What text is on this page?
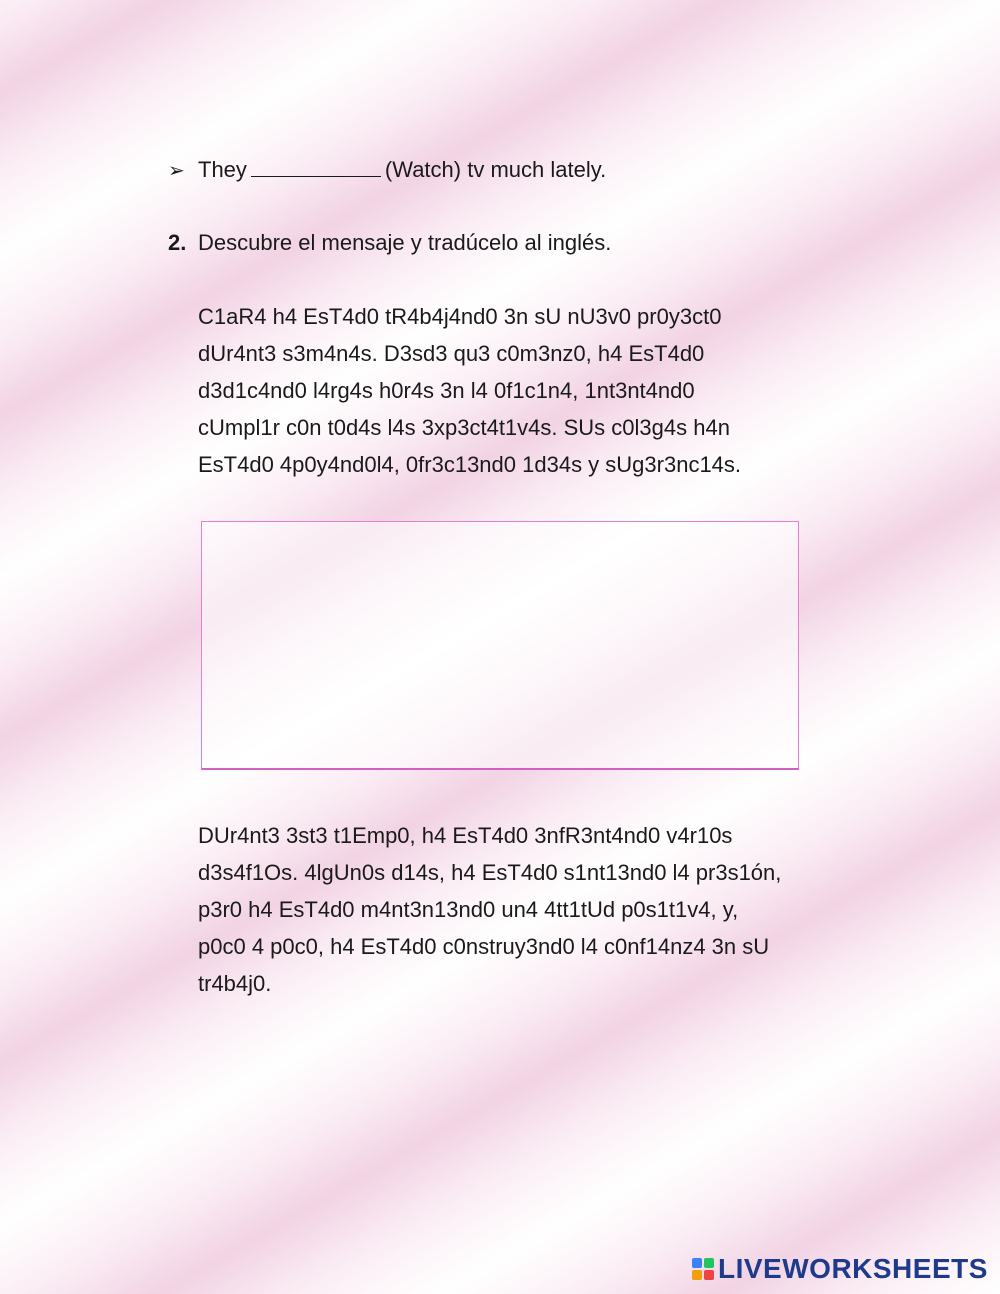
➢ They	(Watch) tv much lately.
2. Descubre el mensaje y tradúcelo al inglés.
C1aR4 h4 EsT4d0 tR4b4j4nd0 3n sU nU3v0 pr0y3ct0
dUr4nt3 s3m4n4s. D3sd3 qu3 c0m3nz0, h4 EsT4d0
d3d1c4nd0 l4rg4s h0r4s 3n l4 0f1c1n4, 1nt3nt4nd0
cUmpl1r c0n t0d4s l4s 3xp3ct4t1v4s. SUs c0l3g4s h4n
EsT4d0 4p0y4nd0l4, 0fr3c13nd0 1d34s y sUg3r3nc14s.
DUr4nt3 3st3 t1Emp0, h4 EsT4d0 3nfR3nt4nd0 v4r10s
d3s4f1Os. 4lgUn0s d14s, h4 EsT4d0 s1nt13nd0 l4 pr3s1ón,
p3r0 h4 EsT4d0 m4nt3n13nd0 un4 4tt1tUd p0s1t1v4, y,
p0c0 4 p0c0, h4 EsT4d0 c0nstruy3nd0 l4 c0nf14nz4 3n sU
tr4b4j0.
LIVEWORKSHEETS
